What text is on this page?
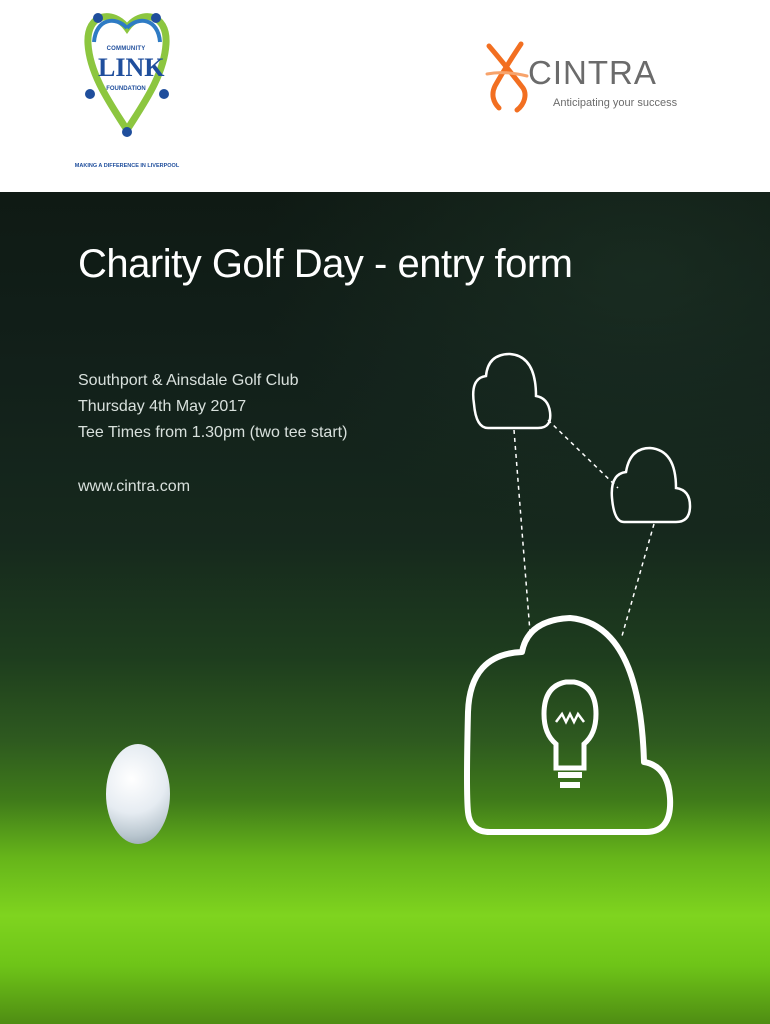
COMMUNITY
LINK
FOUNDATION
MAKING A DIFFERENCE IN LIVERPOOL
CINTRA
Anticipating your success
Charity Golf Day - entry form
Southport & Ainsdale Golf Club
Thursday 4th May 2017
Tee Times from 1.30pm (two tee start)
www.cintra.com
